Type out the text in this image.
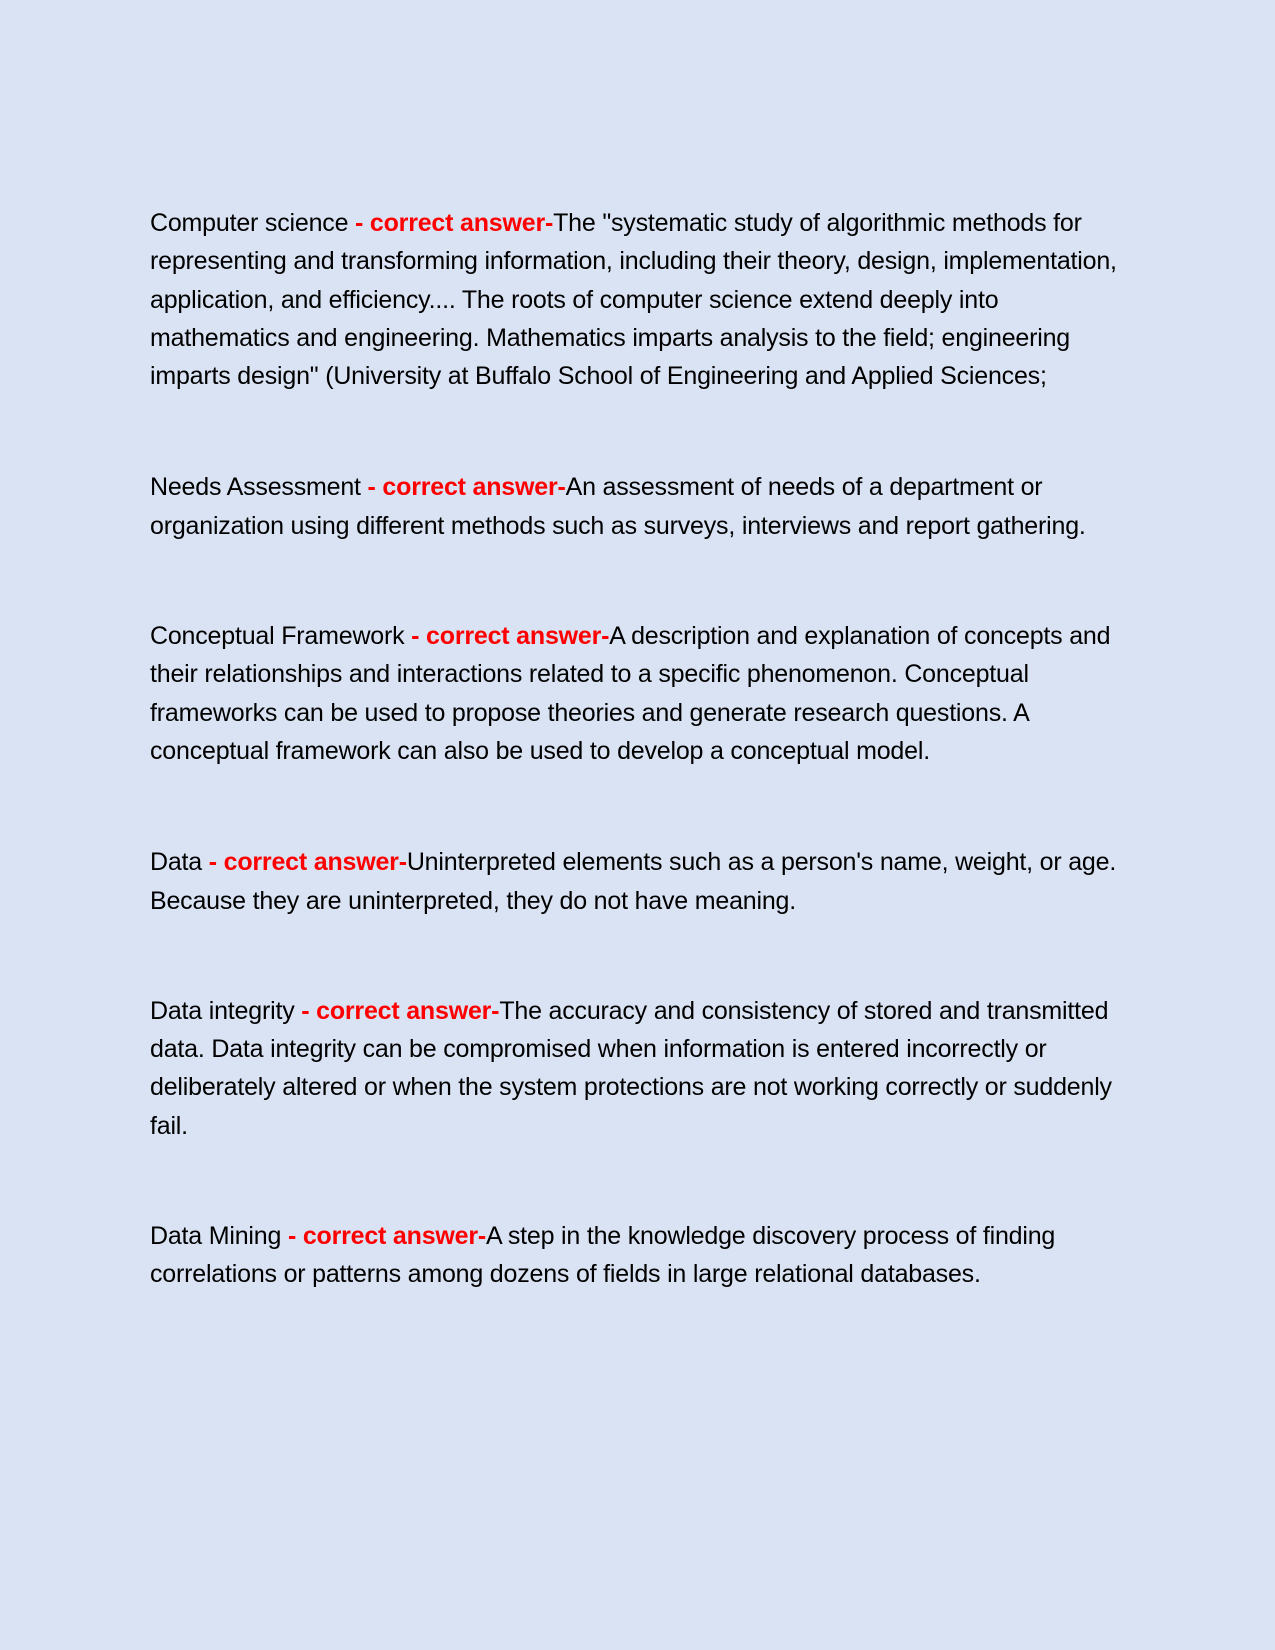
Computer science - correct answer-The "systematic study of algorithmic methods for representing and transforming information, including their theory, design, implementation, application, and efficiency.... The roots of computer science extend deeply into mathematics and engineering. Mathematics imparts analysis to the field; engineering imparts design" (University at Buffalo School of Engineering and Applied Sciences;

Needs Assessment - correct answer-An assessment of needs of a department or organization using different methods such as surveys, interviews and report gathering.

Conceptual Framework - correct answer-A description and explanation of concepts and their relationships and interactions related to a specific phenomenon. Conceptual frameworks can be used to propose theories and generate research questions. A conceptual framework can also be used to develop a conceptual model.

Data - correct answer-Uninterpreted elements such as a person's name, weight, or age. Because they are uninterpreted, they do not have meaning.

Data integrity - correct answer-The accuracy and consistency of stored and transmitted data. Data integrity can be compromised when information is entered incorrectly or deliberately altered or when the system protections are not working correctly or suddenly fail.

Data Mining - correct answer-A step in the knowledge discovery process of finding correlations or patterns among dozens of fields in large relational databases.
